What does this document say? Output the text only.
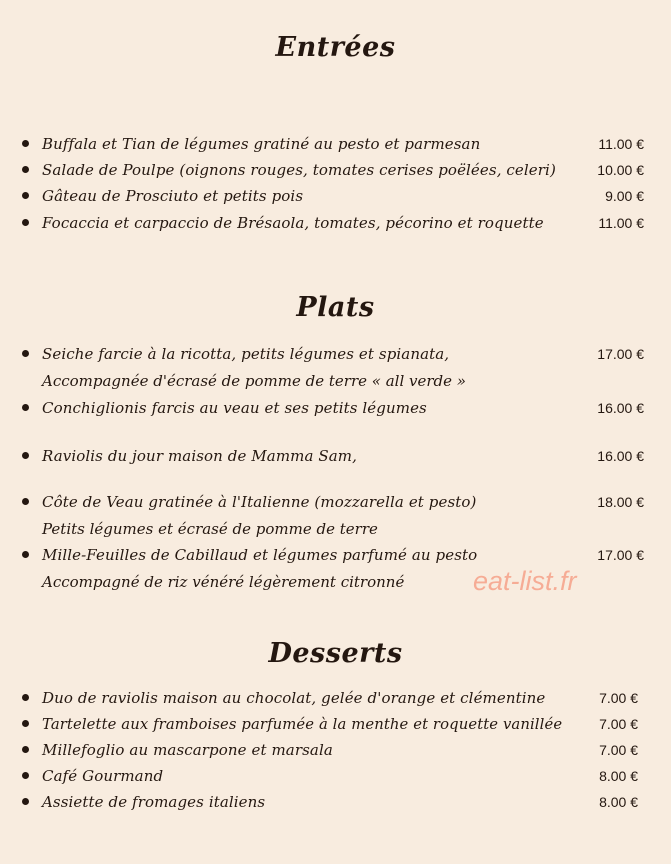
Entrées
Buffala et Tian de légumes gratiné au pesto et parmesan	11.00 €
Salade de Poulpe (oignons rouges, tomates cerises poëlées, celeri)	10.00 €
Gâteau de Prosciuto et petits pois	9.00 €
Focaccia et carpaccio de Brésaola, tomates, pécorino et roquette	11.00 €
Plats
Seiche farcie à la ricotta, petits légumes et spianata,	17.00 €
Accompagnée d'écrasé de pomme de terre « all verde »
Conchiglionis farcis au veau et ses petits légumes	16.00 €
Raviolis du jour maison de Mamma Sam,	16.00 €
Côte de Veau gratinée à l'Italienne (mozzarella et pesto)	18.00 €
Petits légumes et écrasé de pomme de terre
Mille-Feuilles de Cabillaud et légumes parfumé au pesto	17.00 €
Accompagné de riz vénéré légèrement citronné	eat-list.fr
Desserts
Duo de raviolis maison au chocolat, gelée d'orange et clémentine	7.00 €
Tartelette aux framboises parfumée à la menthe et roquette vanillée	7.00 €
Millefoglio au mascarpone et marsala	7.00 €
Café Gourmand	8.00 €
Assiette de fromages italiens	8.00 €
